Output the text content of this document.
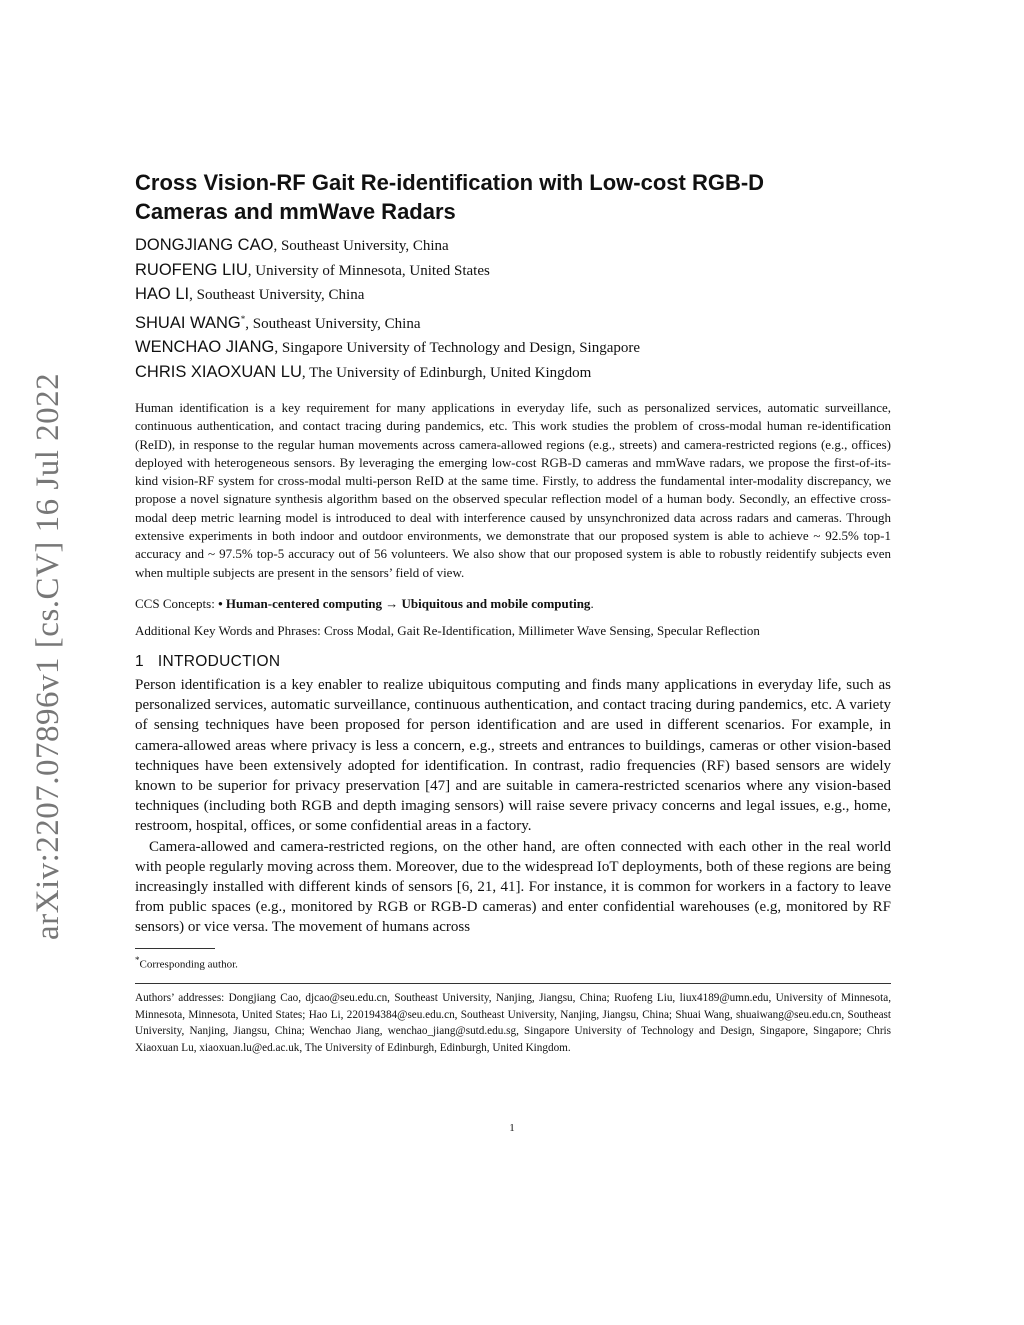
arXiv:2207.07896v1 [cs.CV] 16 Jul 2022
Cross Vision-RF Gait Re-identification with Low-cost RGB-D
Cameras and mmWave Radars
DONGJIANG CAO, Southeast University, China
RUOFENG LIU, University of Minnesota, United States
HAO LI, Southeast University, China
SHUAI WANG*, Southeast University, China
WENCHAO JIANG, Singapore University of Technology and Design, Singapore
CHRIS XIAOXUAN LU, The University of Edinburgh, United Kingdom
Human identification is a key requirement for many applications in everyday life, such as personalized services, automatic surveillance, continuous authentication, and contact tracing during pandemics, etc. This work studies the problem of cross-modal human re-identification (ReID), in response to the regular human movements across camera-allowed regions (e.g., streets) and camera-restricted regions (e.g., offices) deployed with heterogeneous sensors. By leveraging the emerging low-cost RGB-D cameras and mmWave radars, we propose the first-of-its-kind vision-RF system for cross-modal multi-person ReID at the same time. Firstly, to address the fundamental inter-modality discrepancy, we propose a novel signature synthesis algorithm based on the observed specular reflection model of a human body. Secondly, an effective cross-modal deep metric learning model is introduced to deal with interference caused by unsynchronized data across radars and cameras. Through extensive experiments in both indoor and outdoor environments, we demonstrate that our proposed system is able to achieve ~ 92.5% top-1 accuracy and ~ 97.5% top-5 accuracy out of 56 volunteers. We also show that our proposed system is able to robustly reidentify subjects even when multiple subjects are present in the sensors’ field of view.
CCS Concepts: • Human-centered computing → Ubiquitous and mobile computing.
Additional Key Words and Phrases: Cross Modal, Gait Re-Identification, Millimeter Wave Sensing, Specular Reflection
1 INTRODUCTION

Person identification is a key enabler to realize ubiquitous computing and finds many applications in everyday life, such as personalized services, automatic surveillance, continuous authentication, and contact tracing during pandemics, etc. A variety of sensing techniques have been proposed for person identification and are used in different scenarios. For example, in camera-allowed areas where privacy is less a concern, e.g., streets and entrances to buildings, cameras or other vision-based techniques have been extensively adopted for identification. In contrast, radio frequencies (RF) based sensors are widely known to be superior for privacy preservation [47] and are suitable in camera-restricted scenarios where any vision-based techniques (including both RGB and depth imaging sensors) will raise severe privacy concerns and legal issues, e.g., home, restroom, hospital, offices, or some confidential areas in a factory.

Camera-allowed and camera-restricted regions, on the other hand, are often connected with each other in the real world with people regularly moving across them. Moreover, due to the widespread IoT deployments, both of these regions are being increasingly installed with different kinds of sensors [6, 21, 41]. For instance, it is common for workers in a factory to leave from public spaces (e.g., monitored by RGB or RGB-D cameras) and enter confidential warehouses (e.g, monitored by RF sensors) or vice versa. The movement of humans across

*Corresponding author.
Authors’ addresses: Dongjiang Cao, djcao@seu.edu.cn, Southeast University, Nanjing, Jiangsu, China; Ruofeng Liu, liux4189@umn.edu, University of Minnesota, Minnesota, Minnesota, United States; Hao Li, 220194384@seu.edu.cn, Southeast University, Nanjing, Jiangsu, China; Shuai Wang, shuaiwang@seu.edu.cn, Southeast University, Nanjing, Jiangsu, China; Wenchao Jiang, wenchao_jiang@sutd.edu.sg, Singapore University of Technology and Design, Singapore, Singapore; Chris Xiaoxuan Lu, xiaoxuan.lu@ed.ac.uk, The University of Edinburgh, Edinburgh, United Kingdom.
1
